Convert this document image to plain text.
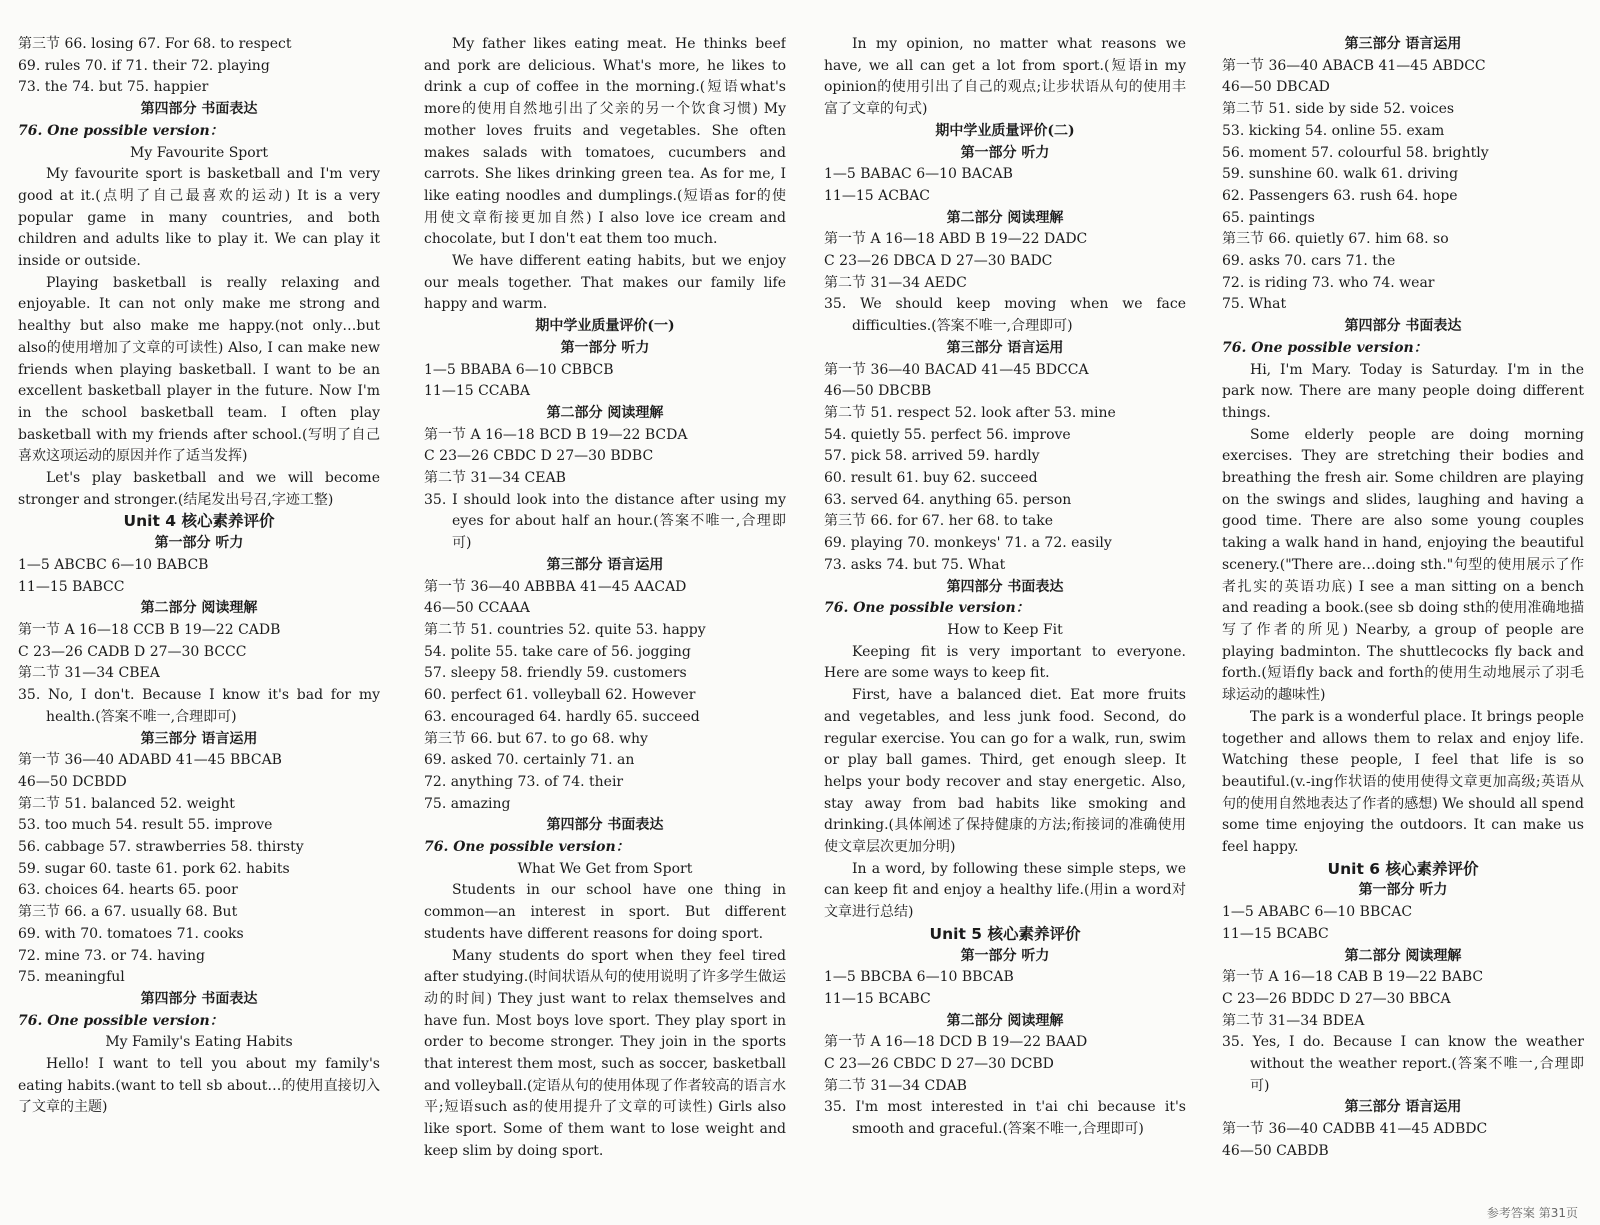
第三节 66. losing 67. For 68. to respect
69. rules 70. if 71. their 72. playing
73. the 74. but 75. happier
第四部分 书面表达
76. One possible version：
My Favourite Sport
My favourite sport is basketball and I'm very good at it.(点明了自己最喜欢的运动) It is a very popular game in many countries, and both children and adults like to play it. We can play it inside or outside.
Playing basketball is really relaxing and enjoyable. It can not only make me strong and healthy but also make me happy.(not only…but also的使用增加了文章的可读性) Also, I can make new friends when playing basketball. I want to be an excellent basketball player in the future. Now I'm in the school basketball team. I often play basketball with my friends after school.(写明了自己喜欢这项运动的原因并作了适当发挥)
Let's play basketball and we will become stronger and stronger.(结尾发出号召,字迹工整)
Unit 4 核心素养评价
第一部分 听力
1—5 ABCBC 6—10 BABCB
11—15 BABCC
第二部分 阅读理解
第一节 A 16—18 CCB B 19—22 CADB
C 23—26 CADB D 27—30 BCCC
第二节 31—34 CBEA
35. No, I don't. Because I know it's bad for my health.(答案不唯一,合理即可)
第三部分 语言运用
第一节 36—40 ADABD 41—45 BBCAB
46—50 DCBDD
第二节 51. balanced 52. weight
53. too much 54. result 55. improve
56. cabbage 57. strawberries 58. thirsty
59. sugar 60. taste 61. pork 62. habits
63. choices 64. hearts 65. poor
第三节 66. a 67. usually 68. But
69. with 70. tomatoes 71. cooks
72. mine 73. or 74. having
75. meaningful
第四部分 书面表达
76. One possible version：
My Family's Eating Habits
Hello! I want to tell you about my family's eating habits.(want to tell sb about…的使用直接切入了文章的主题)
My father likes eating meat. He thinks beef and pork are delicious. What's more, he likes to drink a cup of coffee in the morning.(短语what's more的使用自然地引出了父亲的另一个饮食习惯) My mother loves fruits and vegetables. She often makes salads with tomatoes, cucumbers and carrots. She likes drinking green tea. As for me, I like eating noodles and dumplings.(短语as for的使用使文章衔接更加自然) I also love ice cream and chocolate, but I don't eat them too much.
We have different eating habits, but we enjoy our meals together. That makes our family life happy and warm.
期中学业质量评价(一)
第一部分 听力
1—5 BBABA 6—10 CBBCB
11—15 CCABA
第二部分 阅读理解
第一节 A 16—18 BCD B 19—22 BCDA
C 23—26 CBDC D 27—30 BDBC
第二节 31—34 CEAB
35. I should look into the distance after using my eyes for about half an hour.(答案不唯一,合理即可)
第三部分 语言运用
第一节 36—40 ABBBA 41—45 AACAD
46—50 CCAAA
第二节 51. countries 52. quite 53. happy
54. polite 55. take care of 56. jogging
57. sleepy 58. friendly 59. customers
60. perfect 61. volleyball 62. However
63. encouraged 64. hardly 65. succeed
第三节 66. but 67. to go 68. why
69. asked 70. certainly 71. an
72. anything 73. of 74. their
75. amazing
第四部分 书面表达
76. One possible version：
What We Get from Sport
Students in our school have one thing in common—an interest in sport. But different students have different reasons for doing sport.
Many students do sport when they feel tired after studying.(时间状语从句的使用说明了许多学生做运动的时间) They just want to relax themselves and have fun. Most boys love sport. They play sport in order to become stronger. They join in the sports that interest them most, such as soccer, basketball and volleyball.(定语从句的使用体现了作者较高的语言水平;短语such as的使用提升了文章的可读性) Girls also like sport. Some of them want to lose weight and keep slim by doing sport.
In my opinion, no matter what reasons we have, we all can get a lot from sport.(短语in my opinion的使用引出了自己的观点;让步状语从句的使用丰富了文章的句式)
期中学业质量评价(二)
第一部分 听力
1—5 BABAC 6—10 BACAB
11—15 ACBAC
第二部分 阅读理解
第一节 A 16—18 ABD B 19—22 DADC
C 23—26 DBCA D 27—30 BADC
第二节 31—34 AEDC
35. We should keep moving when we face difficulties.(答案不唯一,合理即可)
第三部分 语言运用
第一节 36—40 BACAD 41—45 BDCCA
46—50 DBCBB
第二节 51. respect 52. look after 53. mine
54. quietly 55. perfect 56. improve
57. pick 58. arrived 59. hardly
60. result 61. buy 62. succeed
63. served 64. anything 65. person
第三节 66. for 67. her 68. to take
69. playing 70. monkeys' 71. a 72. easily
73. asks 74. but 75. What
第四部分 书面表达
76. One possible version：
How to Keep Fit
Keeping fit is very important to everyone. Here are some ways to keep fit.
First, have a balanced diet. Eat more fruits and vegetables, and less junk food. Second, do regular exercise. You can go for a walk, run, swim or play ball games. Third, get enough sleep. It helps your body recover and stay energetic. Also, stay away from bad habits like smoking and drinking.(具体阐述了保持健康的方法;衔接词的准确使用使文章层次更加分明)
In a word, by following these simple steps, we can keep fit and enjoy a healthy life.(用in a word对文章进行总结)
Unit 5 核心素养评价
第一部分 听力
1—5 BBCBA 6—10 BBCAB
11—15 BCABC
第二部分 阅读理解
第一节 A 16—18 DCD B 19—22 BAAD
C 23—26 CBDC D 27—30 DCBD
第二节 31—34 CDAB
35. I'm most interested in t'ai chi because it's smooth and graceful.(答案不唯一,合理即可)
第三部分 语言运用
第一节 36—40 ABACB 41—45 ABDCC
46—50 DBCAD
第二节 51. side by side 52. voices
53. kicking 54. online 55. exam
56. moment 57. colourful 58. brightly
59. sunshine 60. walk 61. driving
62. Passengers 63. rush 64. hope
65. paintings
第三节 66. quietly 67. him 68. so
69. asks 70. cars 71. the
72. is riding 73. who 74. wear
75. What
第四部分 书面表达
76. One possible version：
Hi, I'm Mary. Today is Saturday. I'm in the park now. There are many people doing different things.
Some elderly people are doing morning exercises. They are stretching their bodies and breathing the fresh air. Some children are playing on the swings and slides, laughing and having a good time. There are also some young couples taking a walk hand in hand, enjoying the beautiful scenery.("There are…doing sth."句型的使用展示了作者扎实的英语功底) I see a man sitting on a bench and reading a book.(see sb doing sth的使用准确地描写了作者的所见) Nearby, a group of people are playing badminton. The shuttlecocks fly back and forth.(短语fly back and forth的使用生动地展示了羽毛球运动的趣味性)
The park is a wonderful place. It brings people together and allows them to relax and enjoy life. Watching these people, I feel that life is so beautiful.(v.-ing作状语的使用使得文章更加高级;英语从句的使用自然地表达了作者的感想) We should all spend some time enjoying the outdoors. It can make us feel happy.
Unit 6 核心素养评价
第一部分 听力
1—5 ABABC 6—10 BBCAC
11—15 BCABC
第二部分 阅读理解
第一节 A 16—18 CAB B 19—22 BABC
C 23—26 BDDC D 27—30 BBCA
第二节 31—34 BDEA
35. Yes, I do. Because I can know the weather without the weather report.(答案不唯一,合理即可)
第三部分 语言运用
第一节 36—40 CADBB 41—45 ADBDC
46—50 CABDB
参考答案 第31页
